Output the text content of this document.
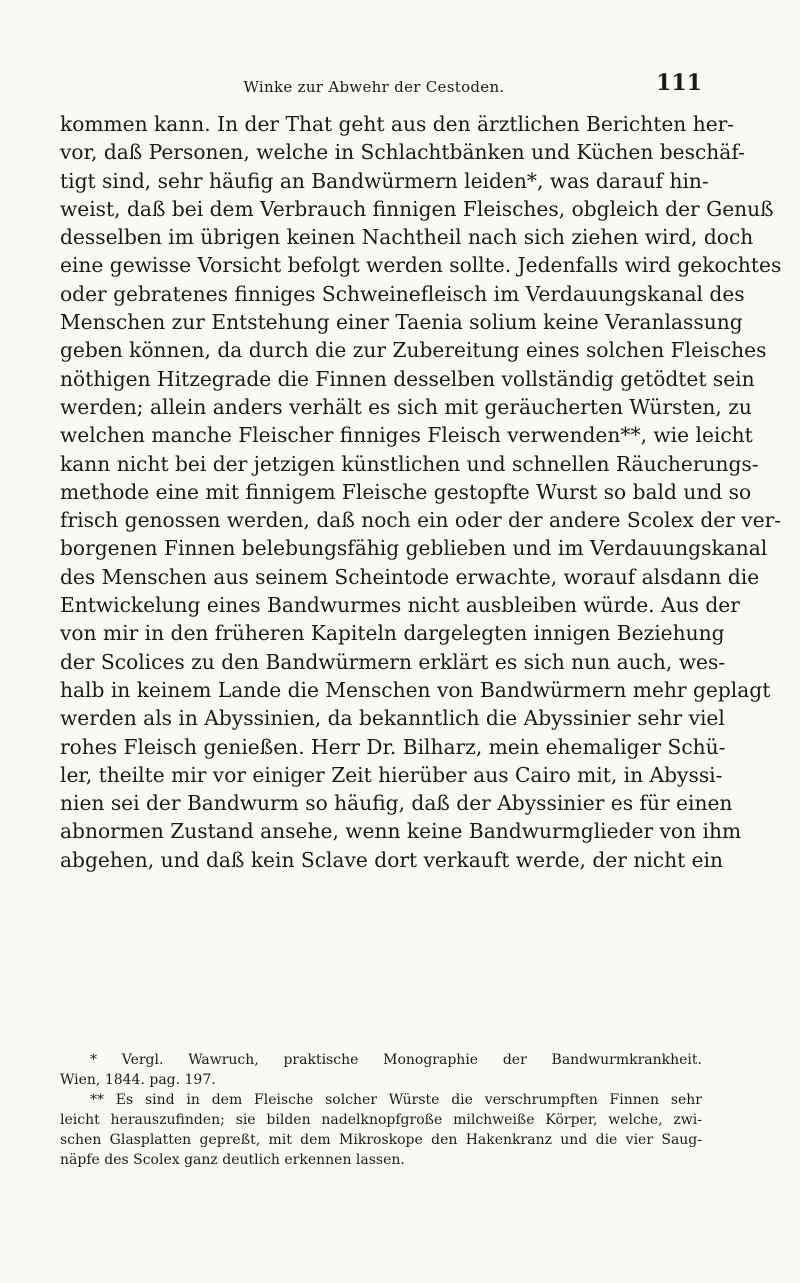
Winke zur Abwehr der Cestoden.	111
kommen kann. In der That geht aus den ärztlichen Berichten her-
vor, daß Personen, welche in Schlachtbänken und Küchen beschäf-
tigt sind, sehr häufig an Bandwürmern leiden*, was darauf hin-
weist, daß bei dem Verbrauch finnigen Fleisches, obgleich der Genuß
desselben im übrigen keinen Nachtheil nach sich ziehen wird, doch
eine gewisse Vorsicht befolgt werden sollte. Jedenfalls wird gekochtes
oder gebratenes finniges Schweinefleisch im Verdauungskanal des
Menschen zur Entstehung einer Taenia solium keine Veranlassung
geben können, da durch die zur Zubereitung eines solchen Fleisches
nöthigen Hitzegrade die Finnen desselben vollständig getödtet sein
werden; allein anders verhält es sich mit geräucherten Würsten, zu
welchen manche Fleischer finniges Fleisch verwenden**, wie leicht
kann nicht bei der jetzigen künstlichen und schnellen Räucherungs-
methode eine mit finnigem Fleische gestopfte Wurst so bald und so
frisch genossen werden, daß noch ein oder der andere Scolex der ver-
borgenen Finnen belebungsfähig geblieben und im Verdauungskanal
des Menschen aus seinem Scheintode erwachte, worauf alsdann die
Entwickelung eines Bandwurmes nicht ausbleiben würde. Aus der
von mir in den früheren Kapiteln dargelegten innigen Beziehung
der Scolices zu den Bandwürmern erklärt es sich nun auch, wes-
halb in keinem Lande die Menschen von Bandwürmern mehr geplagt
werden als in Abyssinien, da bekanntlich die Abyssinier sehr viel
rohes Fleisch genießen. Herr Dr. Bilharz, mein ehemaliger Schü-
ler, theilte mir vor einiger Zeit hierüber aus Cairo mit, in Abyssi-
nien sei der Bandwurm so häufig, daß der Abyssinier es für einen
abnormen Zustand ansehe, wenn keine Bandwurmglieder von ihm
abgehen, und daß kein Sclave dort verkauft werde, der nicht ein
* Vergl. Wawruch, praktische Monographie der Bandwurmkrankheit.
Wien, 1844. pag. 197.
** Es sind in dem Fleische solcher Würste die verschrumpften Finnen sehr
leicht herauszufinden; sie bilden nadelknopfgroße milchweiße Körper, welche, zwi-
schen Glasplatten gepreßt, mit dem Mikroskope den Hakenkranz und die vier Saug-
näpfe des Scolex ganz deutlich erkennen lassen.
